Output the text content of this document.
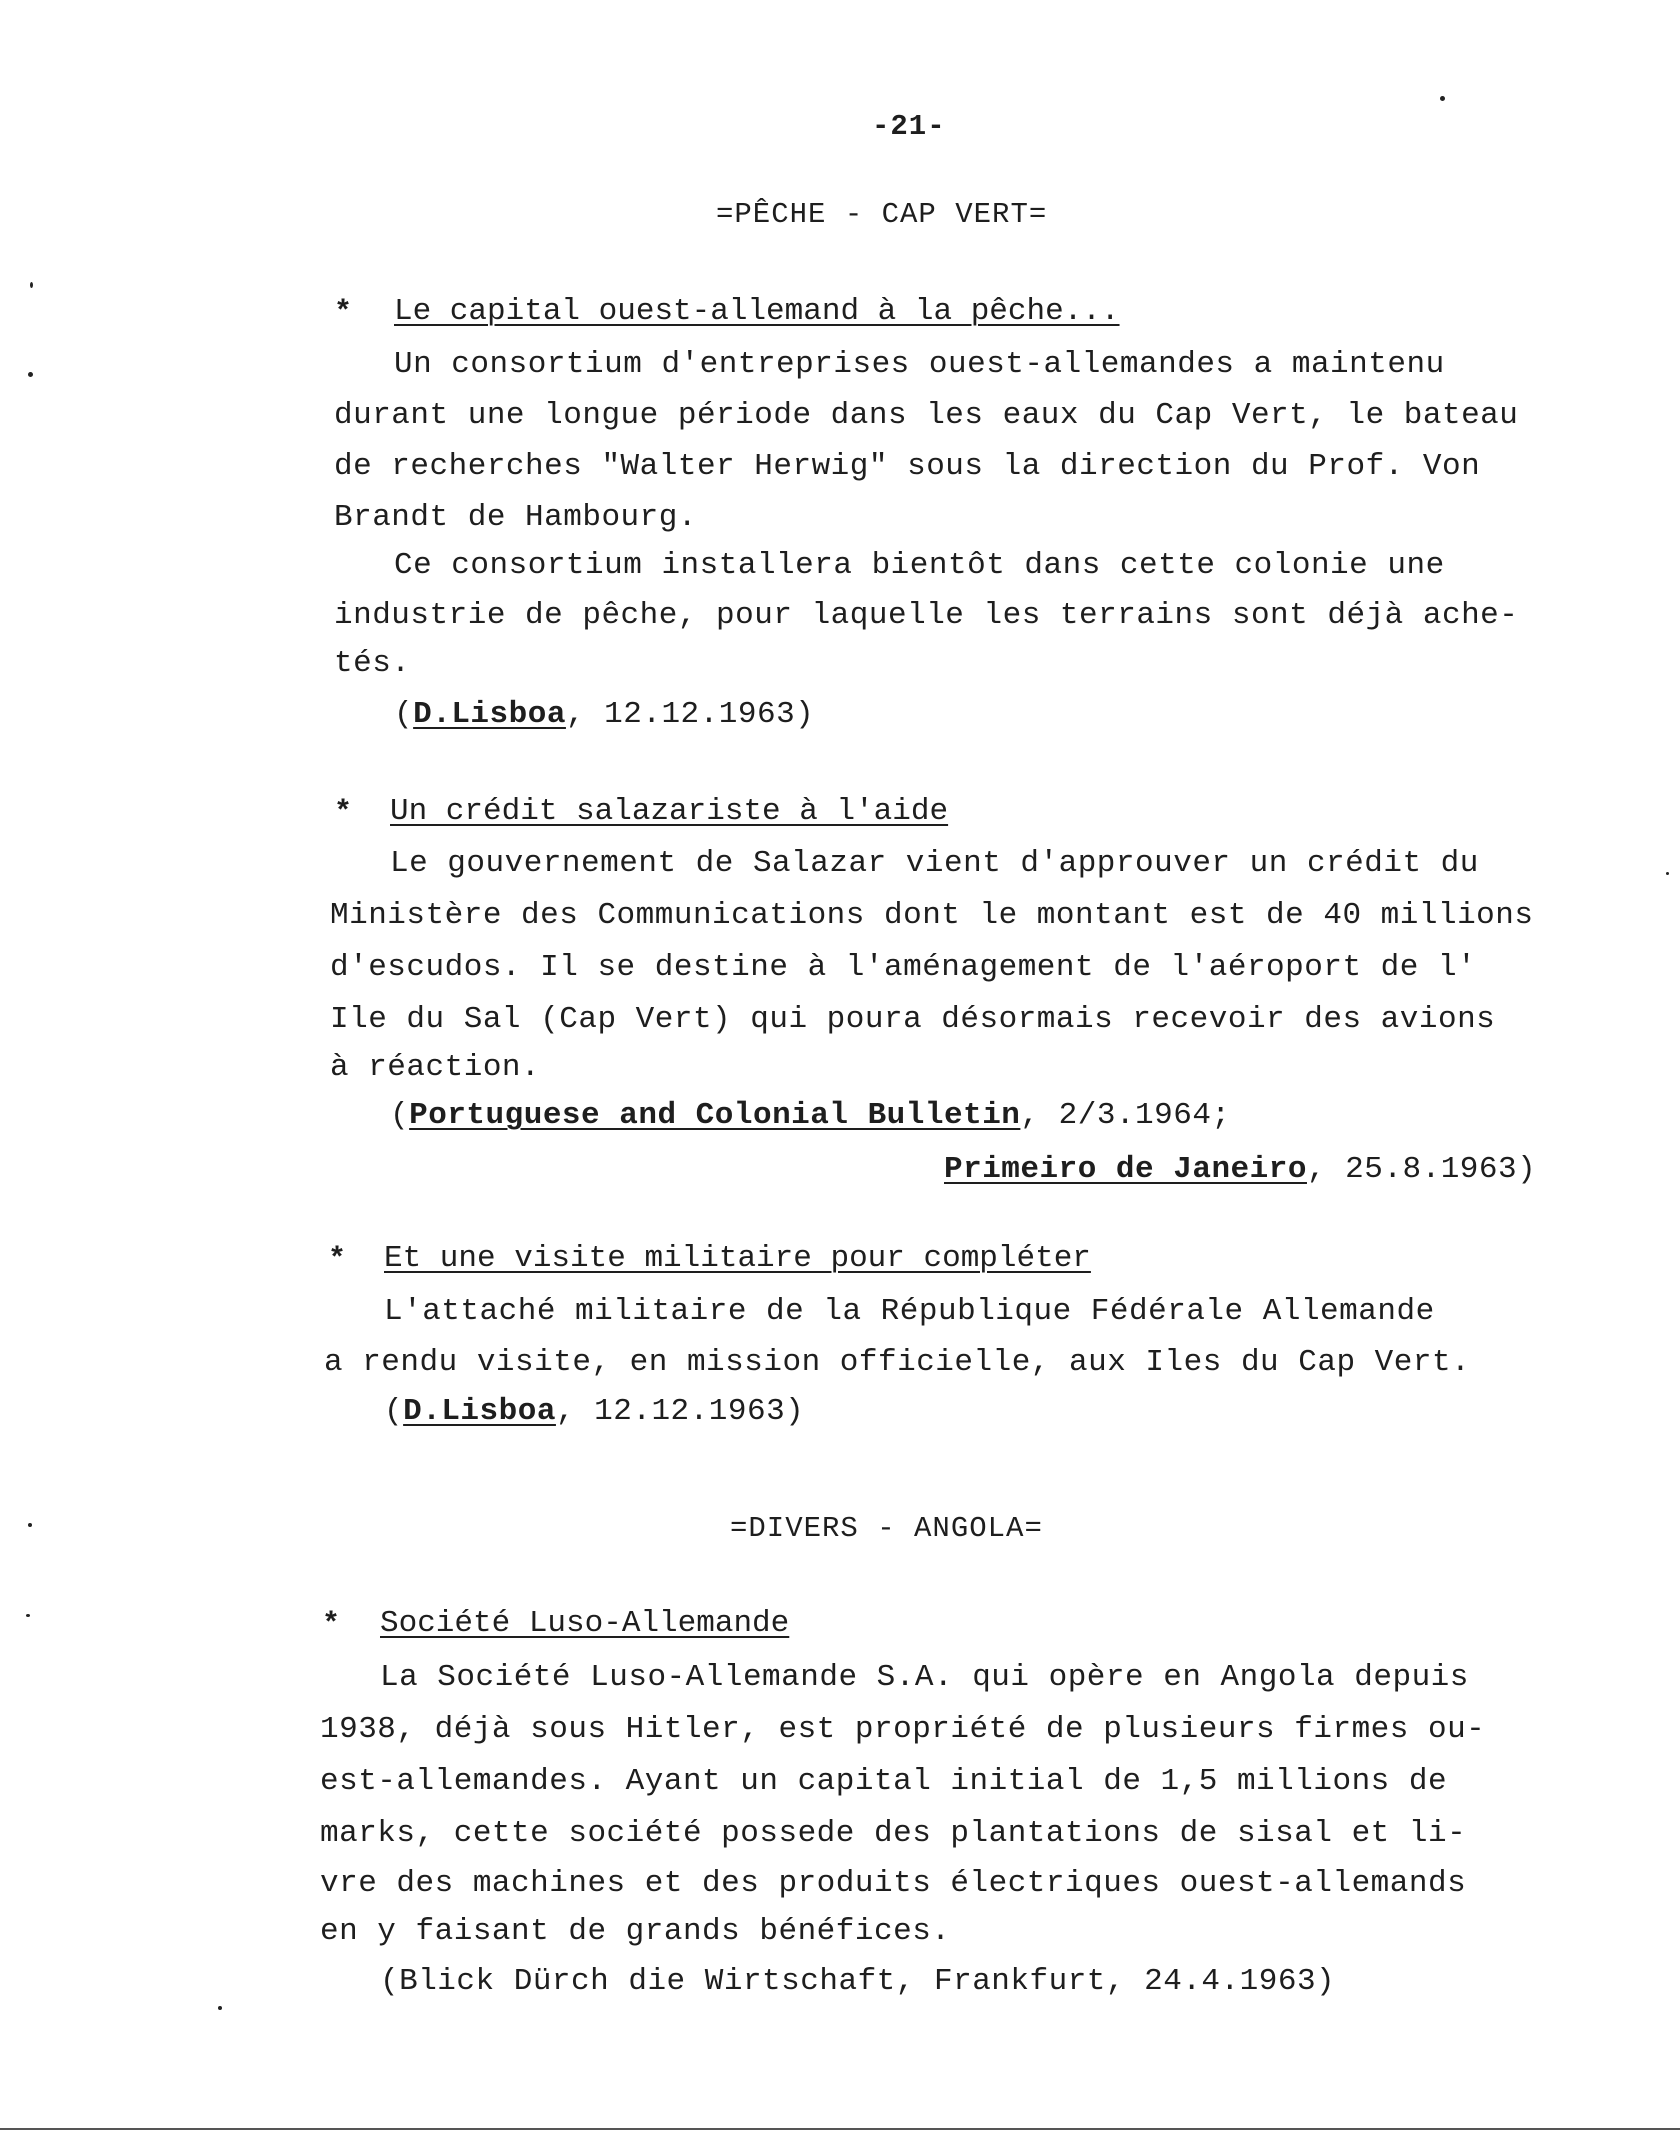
-21-
=PÊCHE - CAP VERT=
* Le capital ouest-allemand à la pêche...
Un consortium d'entreprises ouest-allemandes a maintenu
durant une longue période dans les eaux du Cap Vert, le bateau
de recherches "Walter Herwig" sous la direction du Prof. Von
Brandt de Hambourg.
Ce consortium installera bientôt dans cette colonie une
industrie de pêche, pour laquelle les terrains sont déjà ache-
tés.
(D.Lisboa, 12.12.1963)
* Un crédit salazariste à l'aide
Le gouvernement de Salazar vient d'approuver un crédit du
Ministère des Communications dont le montant est de 40 millions
d'escudos. Il se destine à l'aménagement de l'aéroport de l'
Ile du Sal (Cap Vert) qui poura désormais recevoir des avions
à réaction.
(Portuguese and Colonial Bulletin, 2/3.1964;
Primeiro de Janeiro, 25.8.1963)
* Et une visite militaire pour compléter
L'attaché militaire de la République Fédérale Allemande
a rendu visite, en mission officielle, aux Iles du Cap Vert.
(D.Lisboa, 12.12.1963)
=DIVERS - ANGOLA=
* Société Luso-Allemande
La Société Luso-Allemande S.A. qui opère en Angola depuis
1938, déjà sous Hitler, est propriété de plusieurs firmes ou-
est-allemandes. Ayant un capital initial de 1,5 millions de
marks, cette société possede des plantations de sisal et li-
vre des machines et des produits électriques ouest-allemands
en y faisant de grands bénéfices.
(Blick Dürch die Wirtschaft, Frankfurt, 24.4.1963)
